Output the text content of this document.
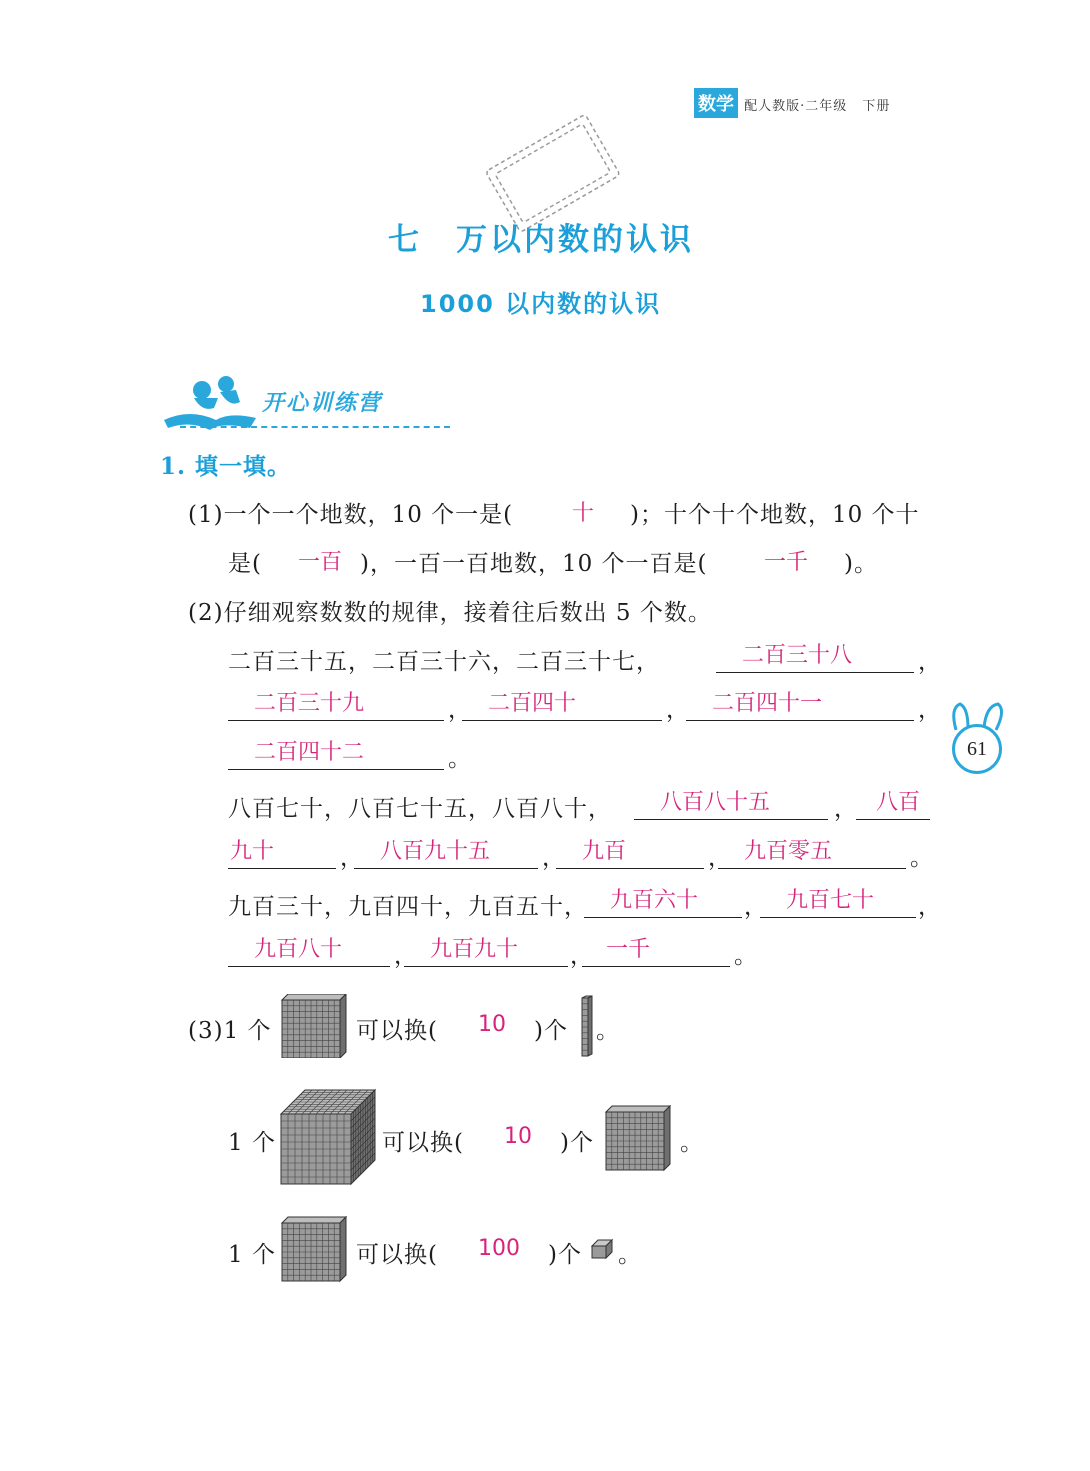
数学 配人教版·二年级 下册
七　万以内数的认识
1000 以内数的认识
开心训练营
1. 填一填。
(1)一个一个地数，10 个一是(	十 )；十个十个地数，10 个十
是( 一百 )，一百一百地数，10 个一百是(	一千 )。
(2)仔细观察数数的规律，接着往后数出 5 个数。
二百三十五，二百三十六，二百三十七，	二百三十八	，
二百三十九	， 二百四十	，	二百四十一	，
二百四十二	。
八百七十，八百七十五，八百八十，	八百八十五	， 八百
九十	， 八百九十五	， 九百	， 九百零五	。
九百三十，九百四十，九百五十，	九百六十	， 九百七十	，
九百八十	， 九百九十	， 一千	。
61
(3)1 个	可以换( 10 )个 。
1 个	可以换( 10 )个	。
1 个	可以换( 100 )个 。
